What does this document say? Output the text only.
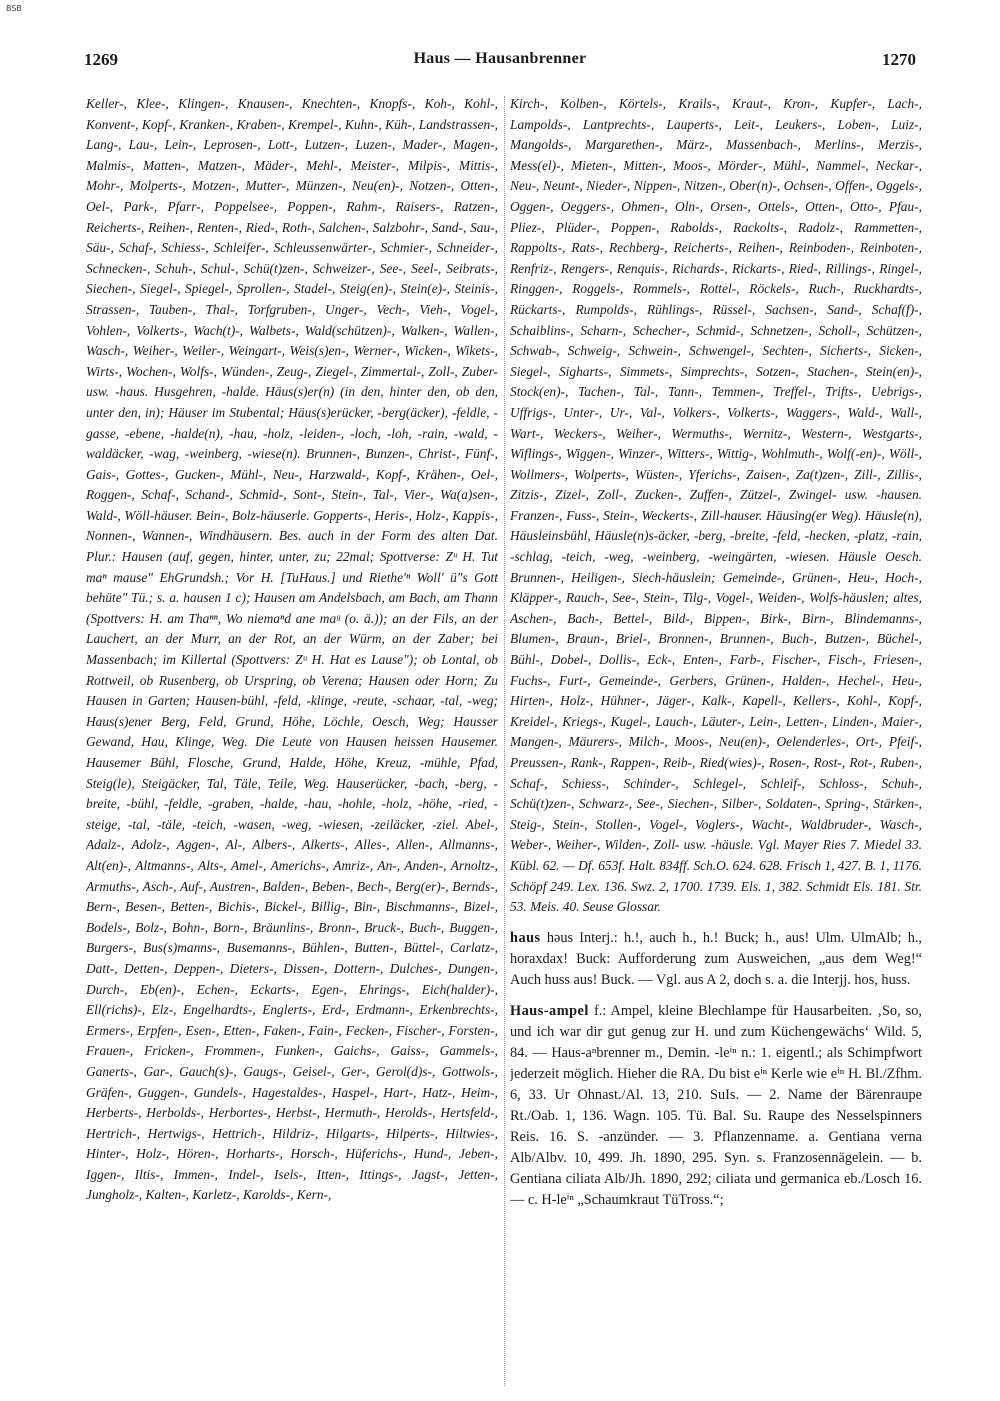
BSB
1269	Haus — Hausanbrenner	1270

Keller-, Klee-, Klingen-, Knausen-, Knechten-, Knopfs-, Koh-, Kohl-, Konvent-, Kopf-, Kranken-, Kraben-, Krempel-, Kuhn-, Küh-, Landstrassen-, Lang-, Lau-, Lein-, Leprosen-, Lott-, Lutzen-, Luzen-, Mader-, Magen-, Malmis-, Matten-, Matzen-, Mäder-, Mehl-, Meister-, Milpis-, Mittis-, Mohr-, Molperts-, Motzen-, Mutter-, Münzen-, Neu(en)-, Notzen-, Otten-, Oel-, Park-, Pfarr-, Poppelsee-, Poppen-, Rahm-, Raisers-, Ratzen-, Reicherts-, Reihen-, Renten-, Ried-, Roth-, Salchen-, Salzbohr-, Sand-, Sau-, Säu-, Schaf-, Schiess-, Schleifer-, Schleussenwärter-, Schmier-, Schneider-, Schnecken-, Schuh-, Schul-, Schü(t)zen-, Schweizer-, See-, Seel-, Seibrats-, Siechen-, Siegel-, Spiegel-, Sprollen-, Stadel-, Steig(en)-, Stein(e)-, Steinis-, Strassen-, Tauben-, Thal-, Torfgruben-, Unger-, Vech-, Vieh-, Vogel-, Vohlen-, Volkerts-, Wach(t)-, Walbets-, Wald(schützen)-, Walken-, Wallen-, Wasch-, Weiher-, Weiler-, Weingart-, Weis(s)en-, Werner-, Wicken-, Wikets-, Wirts-, Wochen-, Wolfs-, Wünden-, Zeug-, Ziegel-, Zimmertal-, Zoll-, Zuber- usw. -haus. Husgehren, -halde. Häus(s)er(n) (in den, hinter den, ob den, unter den, in); Häuser im Stubental; Häus(s)erücker, -berg(äcker), -feldle, -gasse, -ebene, -halde(n), -hau, -holz, -leiden-, -loch, -loh, -rain, -wald, -waldäcker, -wag, -weinberg, -wiese(n). Brunnen-, Bunzen-, Christ-, Fünf-, Gais-, Gottes-, Gucken-, Mühl-, Neu-, Harzwald-, Kopf-, Krähen-, Oel-, Roggen-, Schaf-, Schand-, Schmid-, Sont-, Stein-, Tal-, Vier-, Wa(a)sen-, Wald-, Wöll-häuser. Bein-, Bolz-häuserle. Gopperts-, Heris-, Holz-, Kappis-, Nonnen-, Wannen-, Windhäusern. Bes. auch in der Form des alten Dat. Plur.: Hausen (auf, gegen, hinter, unter, zu; 22mal; Spottverse: Zᵘ H. Tut maⁿ mause" EhGrundsh.; Vor H. [TuHaus.] und Riethe'ⁿ Woll' ü"s Gott behüte" Tü.; s. a. hausen 1 c); Hausen am Andelsbach, am Bach, am Thann (Spottvers: H. am Thaⁿⁿ, Wo niemaⁿd ane maᵍ (o. ä.)); an der Fils, an der Lauchert, an der Murr, an der Rot, an der Würm, an der Zaber; bei Massenbach; im Killertal (Spottvers: Zᵘ H. Hat es Lause"); ob Lontal, ob Rottweil, ob Rusenberg, ob Urspring, ob Verena; Hausen oder Horn; Zu Hausen in Garten; Hausen-bühl, -feld, -klinge, -reute, -schaar, -tal, -weg; Haus(s)ener Berg, Feld, Grund, Höhe, Löchle, Oesch, Weg; Hausser Gewand, Hau, Klinge, Weg. Die Leute von Hausen heissen Hausemer. Hausemer Bühl, Flosche, Grund, Halde, Höhe, Kreuz, -mühle, Pfad, Steig(le), Steigäcker, Tal, Täle, Teile, Weg. Hauserücker, -bach, -berg, -breite, -bühl, -feldle, -graben, -halde, -hau, -hohle, -holz, -höhe, -ried, -steige, -tal, -täle, -teich, -wasen, -weg, -wiesen, -zeiläcker, -ziel. Abel-, Adalz-, Adolz-, Aggen-, Al-, Albers-, Alkerts-, Alles-, Allen-, Allmanns-, Alt(en)-, Altmanns-, Alts-, Amel-, Americhs-, Amriz-, An-, Anden-, Arnoltz-, Armuths-, Asch-, Auf-, Austren-, Balden-, Beben-, Bech-, Berg(er)-, Bernds-, Bern-, Besen-, Betten-, Bichis-, Bickel-, Billig-, Bin-, Bischmanns-, Bizel-, Bodels-, Bolz-, Bohn-, Born-, Bräunlins-, Bronn-, Bruck-, Buch-, Buggen-, Burgers-, Bus(s)manns-, Busemanns-, Bühlen-, Butten-, Büttel-, Carlatz-, Datt-, Detten-, Deppen-, Dieters-, Dissen-, Dottern-, Dulches-, Dungen-, Durch-, Eb(en)-, Echen-, Eckarts-, Egen-, Ehrings-, Eich(halder)-, Ell(richs)-, Elz-, Engelhardts-, Englerts-, Erd-, Erdmann-, Erkenbrechts-, Ermers-, Erpfen-, Esen-, Etten-, Faken-, Fain-, Fecken-, Fischer-, Forsten-, Frauen-, Fricken-, Frommen-, Funken-, Gaichs-, Gaiss-, Gammels-, Ganerts-, Gar-, Gauch(s)-, Gaugs-, Geisel-, Ger-, Gerol(d)s-, Gottwols-, Gräfen-, Guggen-, Gundels-, Hagestaldes-, Haspel-, Hart-, Hatz-, Heim-, Herberts-, Herbolds-, Herbortes-, Herbst-, Hermuth-, Herolds-, Hertsfeld-, Hertrich-, Hertwigs-, Hettrich-, Hildriz-, Hilgarts-, Hilperts-, Hiltwies-, Hinter-, Holz-, Hören-, Horharts-, Horsch-, Hüferichs-, Hund-, Jeben-, Iggen-, Iltis-, Immen-, Indel-, Isels-, Itten-, Ittings-, Jagst-, Jetten-, Jungholz-, Kalten-, Karletz-, Karolds-, Kern-,

Kirch-, Kolben-, Körtels-, Krails-, Kraut-, Kron-, Kupfer-, Lach-, Lampolds-, Lantprechts-, Lauperts-, Leit-, Leukers-, Loben-, Luiz-, Mangolds-, Margarethen-, März-, Massenbach-, Merlins-, Merzis-, Mess(el)-, Mieten-, Mitten-, Moos-, Mörder-, Mühl-, Nammel-, Neckar-, Neu-, Neunt-, Nieder-, Nippen-, Nitzen-, Ober(n)-, Ochsen-, Offen-, Oggels-, Oggen-, Oeggers-, Ohmen-, Oln-, Orsen-, Ottels-, Otten-, Otto-, Pfau-, Pliez-, Plüder-, Poppen-, Rabolds-, Rackolts-, Radolz-, Rammetten-, Rappolts-, Rats-, Rechberg-, Reicherts-, Reihen-, Reinboden-, Reinboten-, Renfriz-, Rengers-, Renquis-, Richards-, Rickarts-, Ried-, Rillings-, Ringel-, Ringgen-, Roggels-, Rommels-, Rottel-, Röckels-, Ruch-, Ruckhardts-, Rückarts-, Rumpolds-, Rühlings-, Rüssel-, Sachsen-, Sand-, Schaf(f)-, Schaiblins-, Scharn-, Schecher-, Schmid-, Schnetzen-, Scholl-, Schützen-, Schwab-, Schweig-, Schwein-, Schwengel-, Sechten-, Sicherts-, Sicken-, Siegel-, Sigharts-, Simmets-, Simprechts-, Sotzen-, Stachen-, Stein(en)-, Stock(en)-, Tachen-, Tal-, Tann-, Temmen-, Treffel-, Trifts-, Uebrigs-, Uffrigs-, Unter-, Ur-, Val-, Volkers-, Volkerts-, Waggers-, Wald-, Wall-, Wart-, Weckers-, Weiher-, Wermuths-, Wernitz-, Western-, Westgarts-, Wiflings-, Wiggen-, Winzer-, Witters-, Wittig-, Wohlmuth-, Wolf(-en)-, Wöll-, Wollmers-, Wolperts-, Wüsten-, Yferichs-, Zaisen-, Za(t)zen-, Zill-, Zillis-, Zitzis-, Zizel-, Zoll-, Zucken-, Zuffen-, Zützel-, Zwingel- usw. -hausen. Franzen-, Fuss-, Stein-, Weckerts-, Zill-hauser. Häusing(er Weg). Häusle(n), Häusleinsbühl, Häusle(n)s-äcker, -berg, -breite, -feld, -hecken, -platz, -rain, -schlag, -teich, -weg, -weinberg, -weingärten, -wiesen. Häusle Oesch. Brunnen-, Heiligen-, Siech-häuslein; Gemeinde-, Grünen-, Heu-, Hoch-, Kläpper-, Rauch-, See-, Stein-, Tilg-, Vogel-, Weiden-, Wolfs-häuslen; altes, Aschen-, Bach-, Bettel-, Bild-, Bippen-, Birk-, Birn-, Blindemanns-, Blumen-, Braun-, Briel-, Bronnen-, Brunnen-, Buch-, Butzen-, Büchel-, Bühl-, Dobel-, Dollis-, Eck-, Enten-, Farb-, Fischer-, Fisch-, Friesen-, Fuchs-, Furt-, Gemeinde-, Gerbers, Grünen-, Halden-, Hechel-, Heu-, Hirten-, Holz-, Hühner-, Jäger-, Kalk-, Kapell-, Kellers-, Kohl-, Kopf-, Kreidel-, Kriegs-, Kugel-, Lauch-, Läuter-, Lein-, Letten-, Linden-, Maier-, Mangen-, Mäurers-, Milch-, Moos-, Neu(en)-, Oelenderles-, Ort-, Pfeif-, Preussen-, Rank-, Rappen-, Reib-, Ried(wies)-, Rosen-, Rost-, Rot-, Ruben-, Schaf-, Schiess-, Schinder-, Schlegel-, Schleif-, Schloss-, Schuh-, Schü(t)zen-, Schwarz-, See-, Siechen-, Silber-, Soldaten-, Spring-, Stärken-, Steig-, Stein-, Stollen-, Vogel-, Voglers-, Wacht-, Waldbruder-, Wasch-, Weber-, Weiher-, Wilden-, Zoll- usw. -häusle. Vgl. Mayer Ries 7. Miedel 33. Kübl. 62. — Df. 653f. Halt. 834ff. Sch.O. 624. 628. Frisch 1, 427. B. 1, 1176. Schöpf 249. Lex. 136. Swz. 2, 1700. 1739. Els. 1, 382. Schmidt Els. 181. Str. 53. Meis. 40. Seuse Glossar.

haus həus Interj.: h.!, auch h., h.! Buck; h., aus! Ulm. UlmAlb; h., horaxdax! Buck: Aufforderung zum Ausweichen, „aus dem Weg!“ Auch huss aus! Buck. — Vgl. aus A 2, doch s. a. die Interjj. hos, huss.

Haus-ampel f.: Ampel, kleine Blechlampe für Hausarbeiten. ‚So, so, und ich war dir gut genug zur H. und zum Küchengewächs‘ Wild. 5, 84. — Haus-aⁿbrenner m., Demin. -leⁱⁿ n.: 1. eigentl.; als Schimpfwort jederzeit möglich. Hieher die RA. Du bist eⁱⁿ Kerle wie eⁱⁿ H. Bl./Zfhm. 6, 33. Ur Ohnast./Al. 13, 210. SuIs. — 2. Name der Bärenraupe Rt./Oab. 1, 136. Wagn. 105. Tü. Bal. Su. Raupe des Nesselspinners Reis. 16. S. -anzünder. — 3. Pflanzenname. a. Gentiana verna Alb/Albv. 10, 499. Jh. 1890, 295. Syn. s. Franzosennägelein. — b. Gentiana ciliata Alb/Jh. 1890, 292; ciliata und germanica eb./Losch 16. — c. H-leⁱⁿ „Schaumkraut TüTross.“;
